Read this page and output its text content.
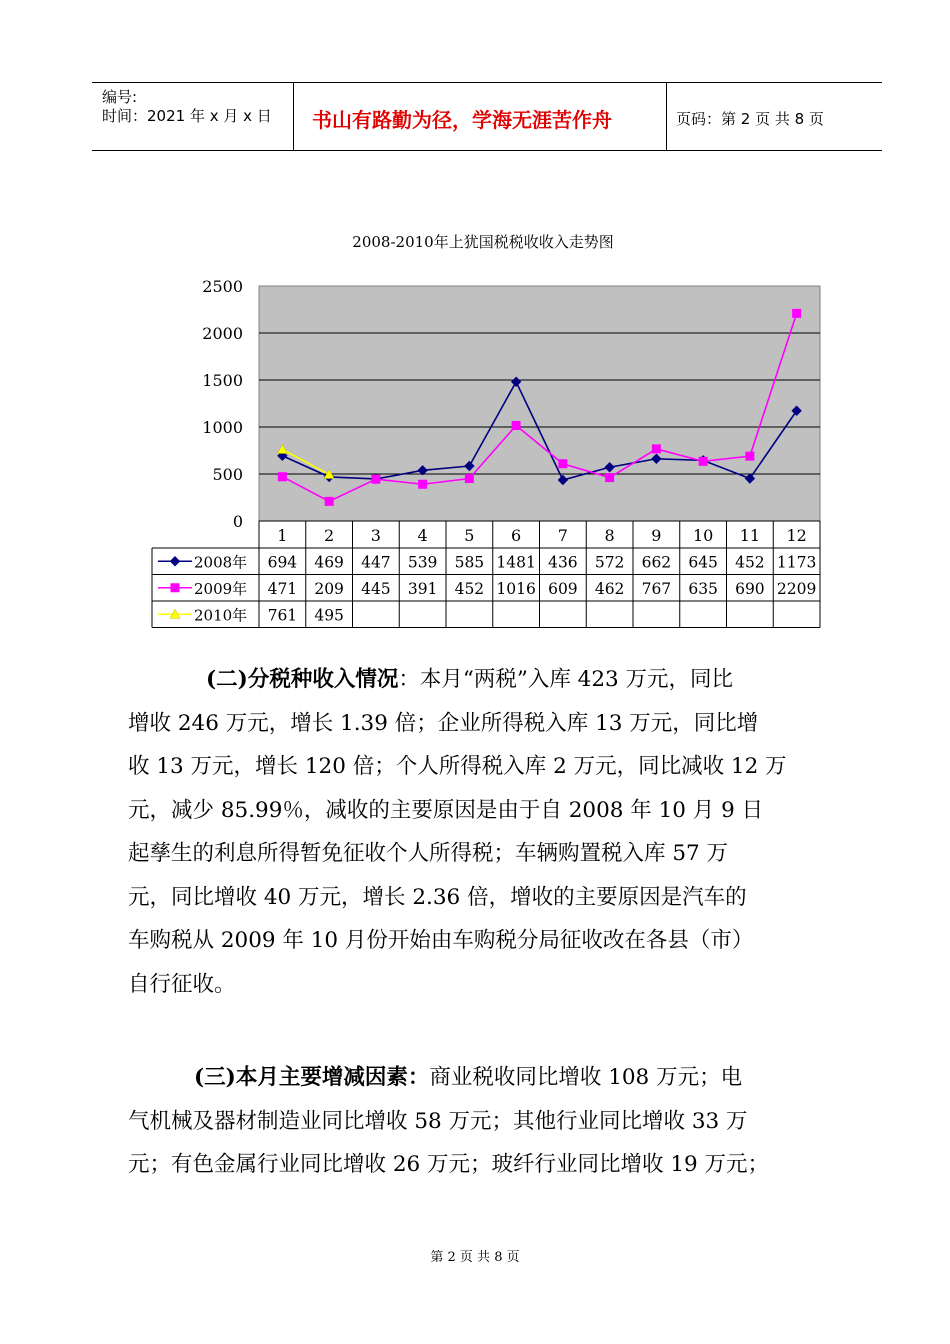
编号:
时间：2021 年 x 月 x 日 书山有路勤为径，学海无涯苦作舟	页码：第 2 页 共 8 页
2008-2010年上犹国税税收收入走势图
0
500
1000
1500
2000
2500
1 2 3 4 5 6 7 8 9 10 11 12
2008年 694 469 447 539 585 1481 436 572 662 645 452 1173
2009年 471 209 445 391 452 1016 609 462 767 635 690 2209
2010年 761 495
(二)分税种收入情况：本月“两税”入库 423 万元，同比
增收 246 万元，增长 1.39 倍；企业所得税入库 13 万元，同比增
收 13 万元，增长 120 倍；个人所得税入库 2 万元，同比减收 12 万
元，减少 85.99％，减收的主要原因是由于自 2008 年 10 月 9 日
起孳生的利息所得暂免征收个人所得税；车辆购置税入库 57 万
元，同比增收 40 万元，增长 2.36 倍，增收的主要原因是汽车的
车购税从 2009 年 10 月份开始由车购税分局征收改在各县（市）
自行征收。
(三)本月主要增减因素：商业税收同比增收 108 万元；电
气机械及器材制造业同比增收 58 万元；其他行业同比增收 33 万
元；有色金属行业同比增收 26 万元；玻纤行业同比增收 19 万元；
第 2 页 共 8 页
